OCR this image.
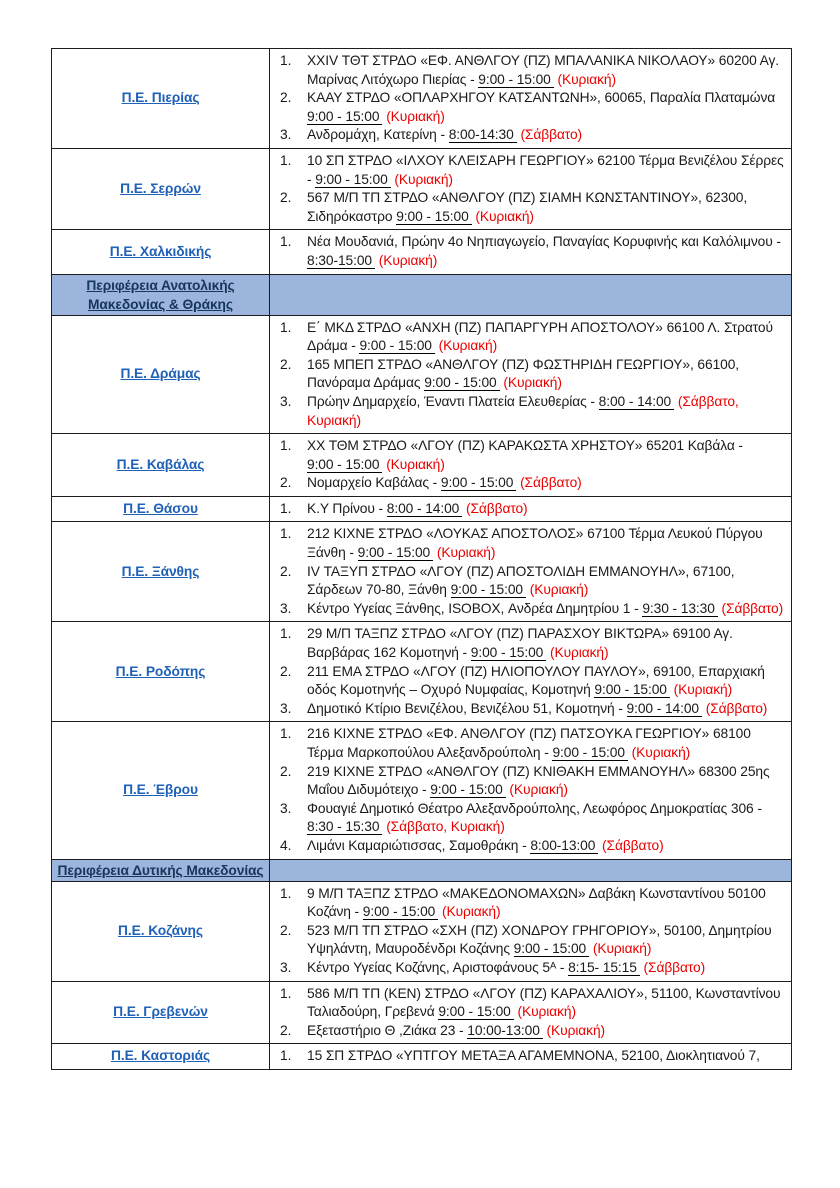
Π.Ε. Πιερίας	
1.	XXIV ΤΘΤ ΣΤΡΔΟ «ΕΦ. ΑΝΘΛΓΟΥ (ΠΖ) ΜΠΑΛΑΝΙΚΑ ΝΙΚΟΛΑΟΥ» 60200 Αγ. Μαρίνας Λιτόχωρο Πιερίας - 9:00 - 15:00 (Κυριακή)
2.	ΚΑΑΥ ΣΤΡΔΟ «ΟΠΛΑΡΧΗΓΟΥ ΚΑΤΣΑΝΤΩΝΗ», 60065, Παραλία Πλαταμώνα 9:00 - 15:00 (Κυριακή)
3.	Ανδρομάχη, Κατερίνη - 8:00-14:30 (Σάββατο)

Π.Ε. Σερρών	1. 10 ΣΠ ΣΤΡΔΟ «ΙΛΧΟΥ ΚΛΕΙΣΑΡΗ ΓΕΩΡΓΙΟΥ» 62100 Τέρμα Βενιζέλου Σέρρες - 9:00 - 15:00 (Κυριακή)
2. 567 Μ/Π ΤΠ ΣΤΡΔΟ «ΑΝΘΛΓΟΥ (ΠΖ) ΣΙΑΜΗ ΚΩΝΣΤΑΝΤΙΝΟΥ», 62300, Σιδηρόκαστρο 9:00 - 15:00 (Κυριακή)

Π.Ε. Χαλκιδικής	1. Νέα Μουδανιά, Πρώην 4ο Νηπιαγωγείο, Παναγίας Κορυφινής και Καλόλιμνου - 8:30-15:00 (Κυριακή)

Περιφέρεια Ανατολικής Μακεδονίας & Θράκης	
Π.Ε. Δράμας	
1.	Ε΄ ΜΚΔ ΣΤΡΔΟ «ΑΝΧΗ (ΠΖ) ΠΑΠΑΡΓΥΡΗ ΑΠΟΣΤΟΛΟΥ» 66100 Λ. Στρατού Δράμα - 9:00 - 15:00 (Κυριακή)
2.	165 ΜΠΕΠ ΣΤΡΔΟ «ΑΝΘΛΓΟΥ (ΠΖ) ΦΩΣΤΗΡΙΔΗ ΓΕΩΡΓΙΟΥ», 66100, Πανόραμα Δράμας 9:00 - 15:00 (Κυριακή)
3.	Πρώην Δημαρχείο, Έναντι Πλατεία Ελευθερίας - 8:00 - 14:00 (Σάββατο, Κυριακή)

Π.Ε. Καβάλας	1. ΧΧ ΤΘΜ ΣΤΡΔΟ «ΛΓΟΥ (ΠΖ) ΚΑΡΑΚΩΣΤΑ ΧΡΗΣΤΟΥ» 65201 Καβάλα - 9:00 - 15:00 (Κυριακή)
2. Νομαρχείο Καβάλας - 9:00 - 15:00 (Σάββατο)

Π.Ε. Θάσου	1. Κ.Υ Πρίνου - 8:00 - 14:00 (Σάββατο)

Π.Ε. Ξάνθης	
1.	212 ΚΙΧΝΕ ΣΤΡΔΟ «ΛΟΥΚΑΣ ΑΠΟΣΤΟΛΟΣ» 67100 Τέρμα Λευκού Πύργου Ξάνθη - 9:00 - 15:00 (Κυριακή)
2.	IV ΤΑΞΥΠ ΣΤΡΔΟ «ΛΓΟΥ (ΠΖ) ΑΠΟΣΤΟΛΙΔΗ ΕΜΜΑΝΟΥΗΛ», 67100, Σάρδεων 70-80, Ξάνθη 9:00 - 15:00 (Κυριακή)
3.	Κέντρο Υγείας Ξάνθης, ISOBOX, Ανδρέα Δημητρίου 1 - 9:30 - 13:30 (Σάββατο)

Π.Ε. Ροδόπης	
1.	29 Μ/Π ΤΑΞΠΖ ΣΤΡΔΟ «ΛΓΟΥ (ΠΖ) ΠΑΡΑΣΧΟΥ ΒΙΚΤΩΡΑ» 69100 Αγ. Βαρβάρας 162 Κομοτηνή - 9:00 - 15:00 (Κυριακή)
2.	211 ΕΜΑ ΣΤΡΔΟ «ΛΓΟΥ (ΠΖ) ΗΛΙΟΠΟΥΛΟΥ ΠΑΥΛΟΥ», 69100, Επαρχιακή οδός Κομοτηνής – Οχυρό Νυμφαίας, Κομοτηνή 9:00 - 15:00 (Κυριακή)
3.	Δημοτικό Κτίριο Βενιζέλου, Βενιζέλου 51, Κομοτηνή - 9:00 - 14:00 (Σάββατο)

Π.Ε. Έβρου	
1.	216 ΚΙΧΝΕ ΣΤΡΔΟ «ΕΦ. ΑΝΘΛΓΟΥ (ΠΖ) ΠΑΤΣΟΥΚΑ ΓΕΩΡΓΙΟΥ» 68100 Τέρμα Μαρκοπούλου Αλεξανδρούπολη - 9:00 - 15:00 (Κυριακή)
2.	219 ΚΙΧΝΕ ΣΤΡΔΟ «ΑΝΘΛΓΟΥ (ΠΖ) ΚΝΙΘΑΚΗ ΕΜΜΑΝΟΥΗΛ» 68300 25ης Μαΐου Διδυμότειχο - 9:00 - 15:00 (Κυριακή)
3.	Φουαγιέ Δημοτικό Θέατρο Αλεξανδρούπολης, Λεωφόρος Δημοκρατίας 306 - 8:30 - 15:30 (Σάββατο, Κυριακή)
4.	Λιμάνι Καμαριώτισσας, Σαμοθράκη - 8:00-13:00 (Σάββατο)

Περιφέρεια Δυτικής Μακεδονίας	
Π.Ε. Κοζάνης	
1.	9 Μ/Π ΤΑΞΠΖ ΣΤΡΔΟ «ΜΑΚΕΔΟΝΟΜΑΧΩΝ» Δαβάκη Κωνσταντίνου 50100 Κοζάνη - 9:00 - 15:00 (Κυριακή)
2.	523 Μ/Π ΤΠ ΣΤΡΔΟ «ΣΧΗ (ΠΖ) ΧΟΝΔΡΟΥ ΓΡΗΓΟΡΙΟΥ», 50100, Δημητρίου Υψηλάντη, Μαυροδένδρι Κοζάνης 9:00 - 15:00 (Κυριακή)
3.	Κέντρο Υγείας Κοζάνης, Αριστοφάνους 5ᴬ - 8:15- 15:15 (Σάββατο)

Π.Ε. Γρεβενών	1. 586 Μ/Π ΤΠ (ΚΕΝ) ΣΤΡΔΟ «ΛΓΟΥ (ΠΖ) ΚΑΡΑΧΑΛΙΟΥ», 51100, Κωνσταντίνου Ταλιαδούρη, Γρεβενά 9:00 - 15:00 (Κυριακή)
2. Εξεταστήριο Θ ,Ζιάκα 23 - 10:00-13:00 (Κυριακή)

Π.Ε. Καστοριάς	1. 15 ΣΠ ΣΤΡΔΟ «ΥΠΤΓΟΥ ΜΕΤΑΞΑ ΑΓΑΜΕΜΝΟΝΑ, 52100, Διοκλητιανού 7,
